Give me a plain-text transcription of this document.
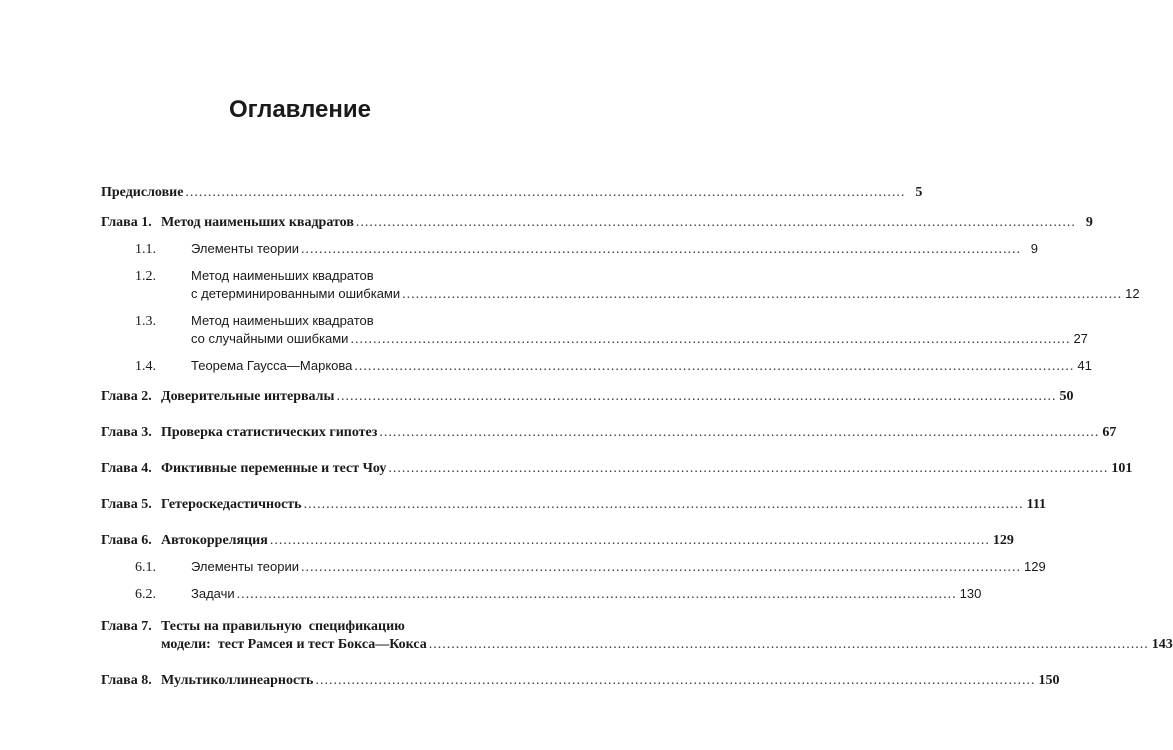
Оглавление
Предисловие .....	5
Глава 1. Метод наименьших квадратов .....	9
1.1.	Элементы теории .....	9
1.2.	Метод наименьших квадратов
с детерминированными ошибками .....	12
1.3.	Метод наименьших квадратов
со случайными ошибками .....	27
1.4.	Теорема Гаусса—Маркова .....	41
Глава 2. Доверительные интервалы .....	50
Глава 3. Проверка статистических гипотез .....	67
Глава 4. Фиктивные переменные и тест Чоу .....	101
Глава 5. Гетероскедастичность .....	111
Глава 6. Автокорреляция .....	129
6.1.	Элементы теории .....	129
6.2.	Задачи .....	130
Глава 7. Тесты на правильную  спецификацию
модели:  тест Рамсея и тест Бокса—Кокса .....	143
Глава 8. Мультиколлинеарность .....	150
